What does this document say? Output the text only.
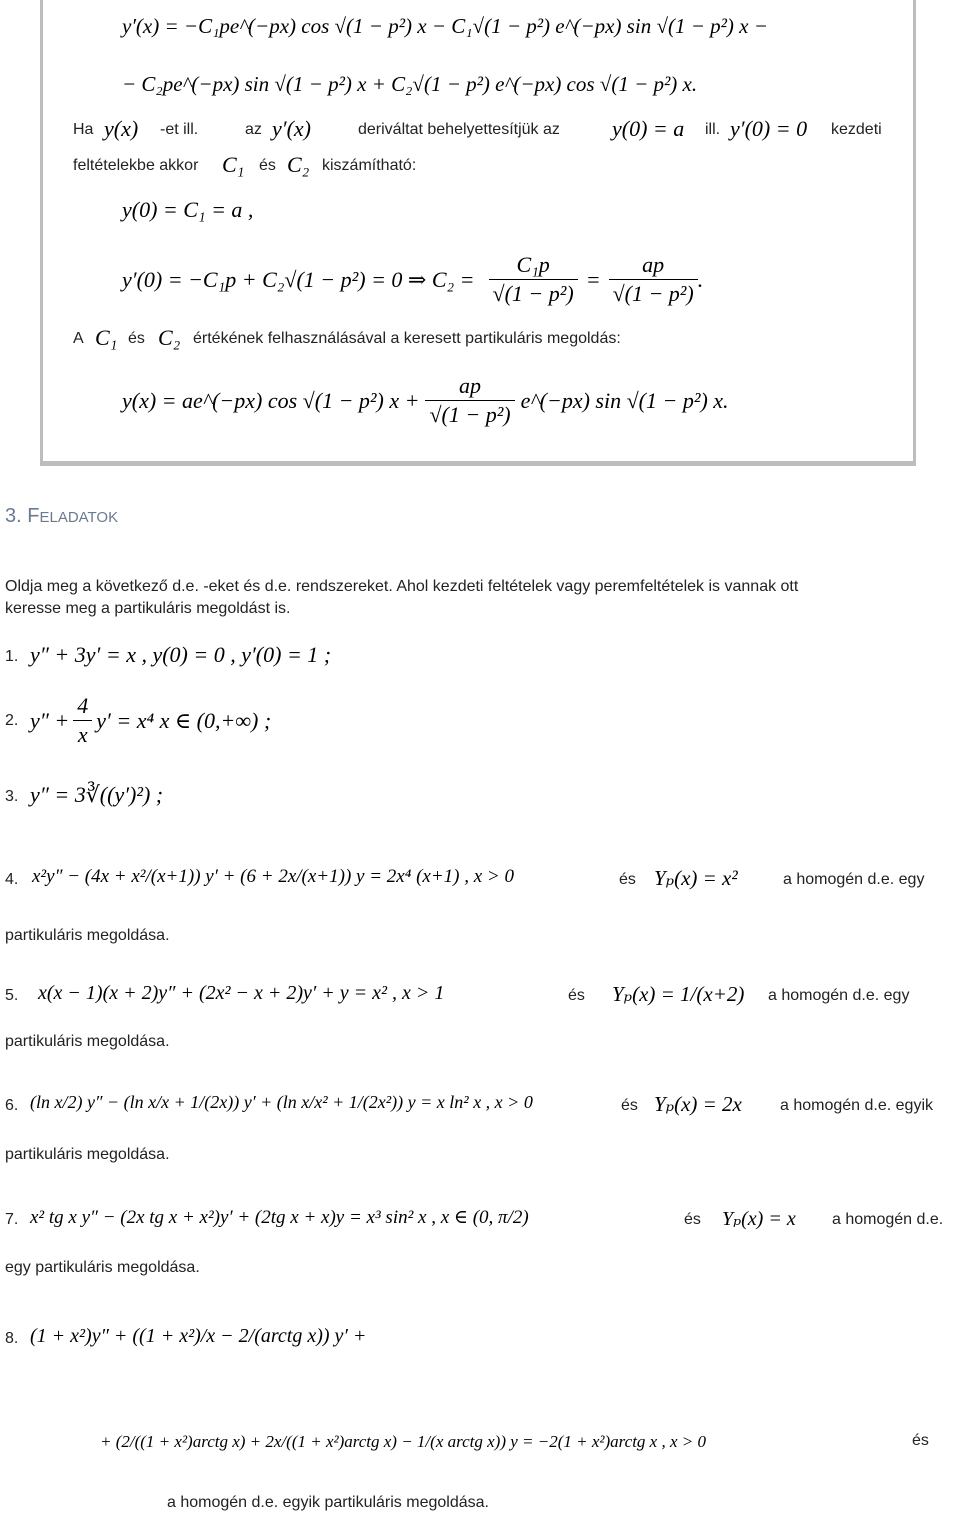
y′(x) = −C₁pe^(−px) cos √(1 − p²) x − C₁√(1 − p²) e^(−px) sin √(1 − p²) x −
− C₂pe^(−px) sin √(1 − p²) x + C₂√(1 − p²) e^(−px) cos √(1 − p²) x.
Ha y(x) -et ill.	az y′(x)	deriváltat behelyettesítjük az y(0) = a ill. y′(0) = 0 kezdeti
feltételekbe akkor C₁ és C₂ kiszámítható:
y(0) = C₁ = a ,
y′(0) = −C₁p + C₂√(1 − p²) = 0 ⇒ $C_2 = \frac{\text{C₁p}}{\text{√(1 − p²)}} = \frac{ap}{\text{√(1 − p²)}}$ .
A C₁ és C₂ értékének felhasználásával a keresett partikuláris megoldás:
y(x) = ae^(−px) cos √(1 − p²) $x + \frac{ap}{\text{√(1 − p²)}}$ e^(−px) sin √(1 − p²) x.
3. FELADATOK
Oldja meg a következő d.e. -eket és d.e. rendszereket. Ahol kezdeti feltételek vagy peremfeltételek is vannak ott
keresse meg a partikuláris megoldást is.
1. y″ + 3y′ = x , y(0) = 0 , y′(0) = 1 ;
2. $y'' + \frac{4}{x} y' = x^4$ x ∈ (0,+∞) ;
3. y″ = 3∛((y′)²) ;
4. x²y″ − (4x + x²/(x+1)) y′ + (6 + 2x/(x+1)) y = 2x⁴ (x+1) , x > 0	és Yₚ(x) = x²	a homogén d.e. egy
partikuláris megoldása.
5. x(x − 1)(x + 2)y″ + (2x² − x + 2)y′ + y = x² , x > 1	és Yₚ(x) = 1/(x+2) a homogén d.e. egy
partikuláris megoldása.
6. (ln x/2) y″ − (ln x/x + 1/(2x)) y′ + (ln x/x² + 1/(2x²)) y = x ln² x , x > 0	és Yₚ(x) = 2x a homogén d.e. egyik
partikuláris megoldása.
7. x² tg x y″ − (2x tg x + x²)y′ + (2tg x + x)y = x³ sin² x , x ∈ (0, π/2)	és Yₚ(x) = x a homogén d.e.
egy partikuláris megoldása.
8. (1 + x²)y″ + ((1 + x²)/x − 2/(arctg x)) y′ +
+ (2/((1 + x²)arctg x) + 2x/((1 + x²)arctg x) − 1/(x arctg x)) y = −2(1 + x²)arctg x , x > 0	és
a homogén d.e. egyik partikuláris megoldása.
